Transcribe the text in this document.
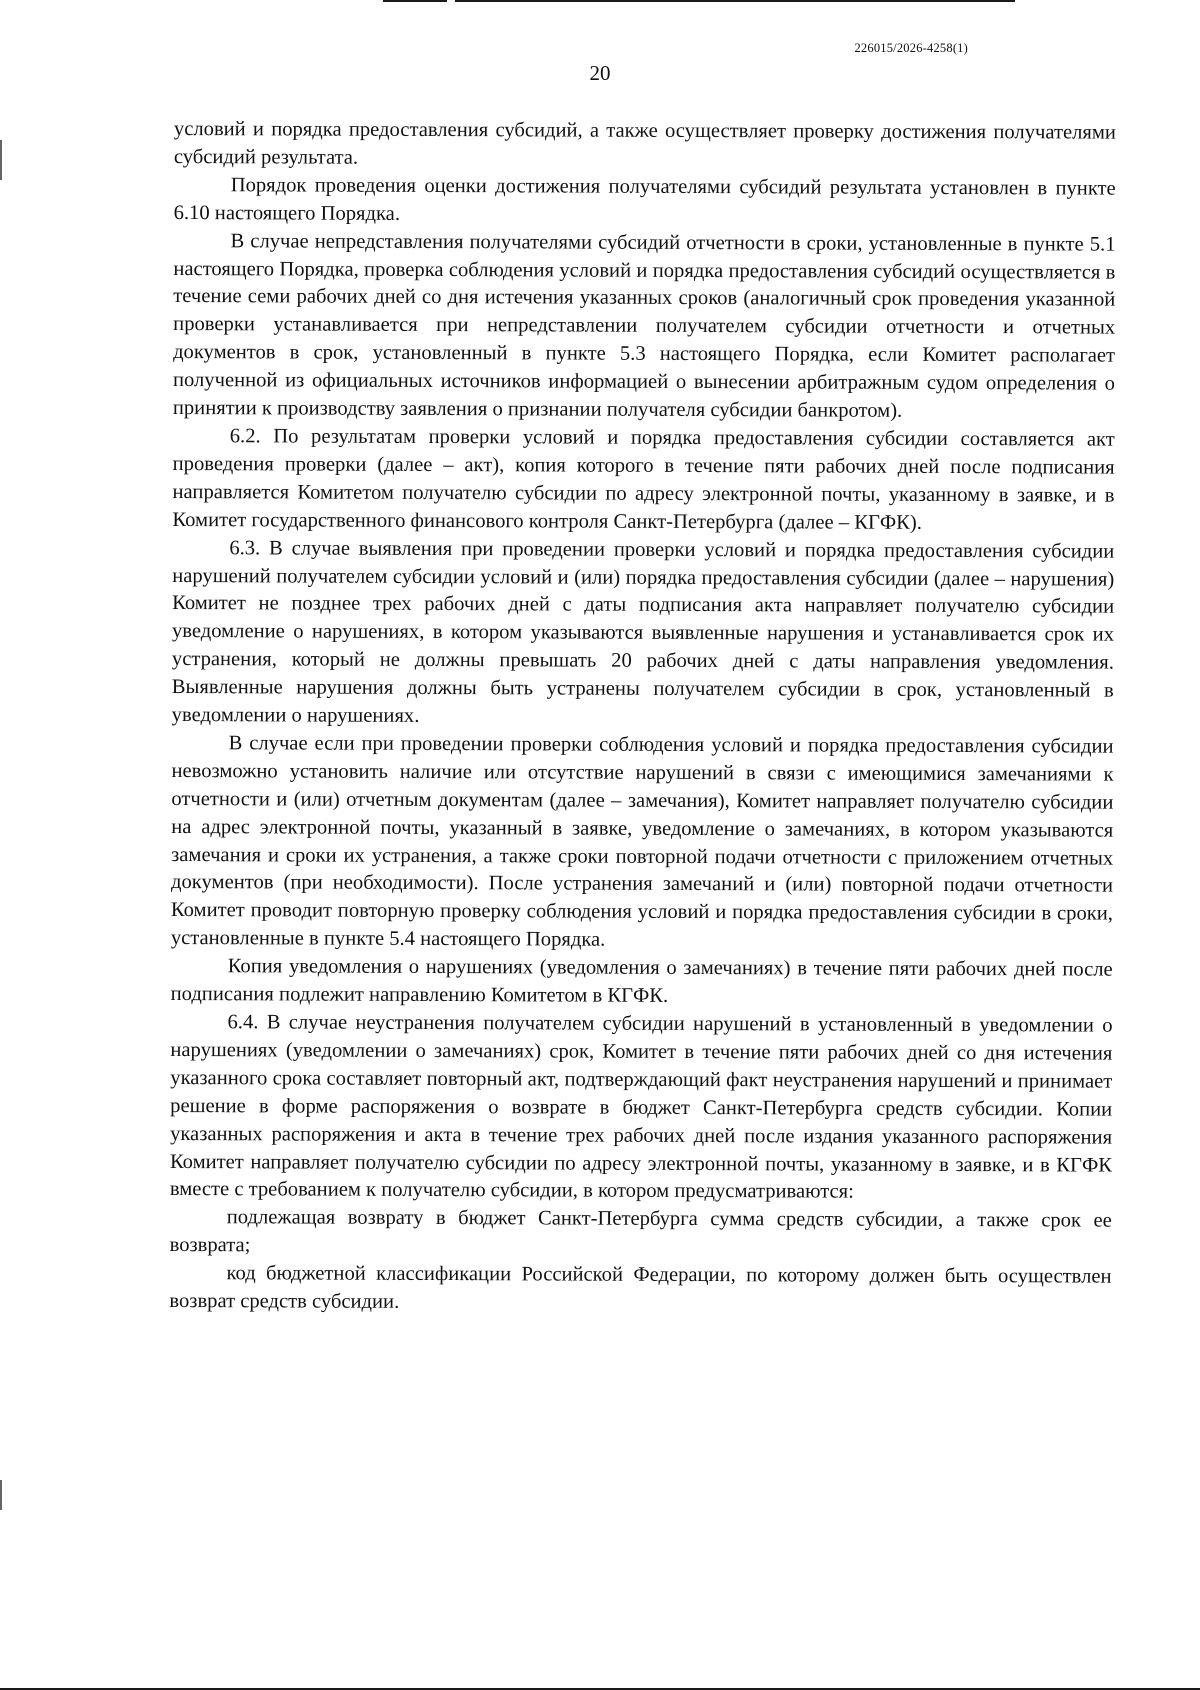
226015/2026-4258(1)
20

условий и порядка предоставления субсидий, а также осуществляет проверку достижения получателями субсидий результата.

Порядок проведения оценки достижения получателями субсидий результата установлен в пункте 6.10 настоящего Порядка.

В случае непредставления получателями субсидий отчетности в сроки, установленные в пункте 5.1 настоящего Порядка, проверка соблюдения условий и порядка предоставления субсидий осуществляется в течение семи рабочих дней со дня истечения указанных сроков (аналогичный срок проведения указанной проверки устанавливается при непредставлении получателем субсидии отчетности и отчетных документов в срок, установленный в пункте 5.3 настоящего Порядка, если Комитет располагает полученной из официальных источников информацией о вынесении арбитражным судом определения о принятии к производству заявления о признании получателя субсидии банкротом).

6.2. По результатам проверки условий и порядка предоставления субсидии составляется акт проведения проверки (далее – акт), копия которого в течение пяти рабочих дней после подписания направляется Комитетом получателю субсидии по адресу электронной почты, указанному в заявке, и в Комитет государственного финансового контроля Санкт-Петербурга (далее – КГФК).

6.3. В случае выявления при проведении проверки условий и порядка предоставления субсидии нарушений получателем субсидии условий и (или) порядка предоставления субсидии (далее – нарушения) Комитет не позднее трех рабочих дней с даты подписания акта направляет получателю субсидии уведомление о нарушениях, в котором указываются выявленные нарушения и устанавливается срок их устранения, который не должны превышать 20 рабочих дней с даты направления уведомления. Выявленные нарушения должны быть устранены получателем субсидии в срок, установленный в уведомлении о нарушениях.

В случае если при проведении проверки соблюдения условий и порядка предоставления субсидии невозможно установить наличие или отсутствие нарушений в связи с имеющимися замечаниями к отчетности и (или) отчетным документам (далее – замечания), Комитет направляет получателю субсидии на адрес электронной почты, указанный в заявке, уведомление о замечаниях, в котором указываются замечания и сроки их устранения, а также сроки повторной подачи отчетности с приложением отчетных документов (при необходимости). После устранения замечаний и (или) повторной подачи отчетности Комитет проводит повторную проверку соблюдения условий и порядка предоставления субсидии в сроки, установленные в пункте 5.4 настоящего Порядка.

Копия уведомления о нарушениях (уведомления о замечаниях) в течение пяти рабочих дней после подписания подлежит направлению Комитетом в КГФК.

6.4. В случае неустранения получателем субсидии нарушений в установленный в уведомлении о нарушениях (уведомлении о замечаниях) срок, Комитет в течение пяти рабочих дней со дня истечения указанного срока составляет повторный акт, подтверждающий факт неустранения нарушений и принимает решение в форме распоряжения о возврате в бюджет Санкт-Петербурга средств субсидии. Копии указанных распоряжения и акта в течение трех рабочих дней после издания указанного распоряжения Комитет направляет получателю субсидии по адресу электронной почты, указанному в заявке, и в КГФК вместе с требованием к получателю субсидии, в котором предусматриваются:

подлежащая возврату в бюджет Санкт-Петербурга сумма средств субсидии, а также срок ее возврата;

код бюджетной классификации Российской Федерации, по которому должен быть осуществлен возврат средств субсидии.
